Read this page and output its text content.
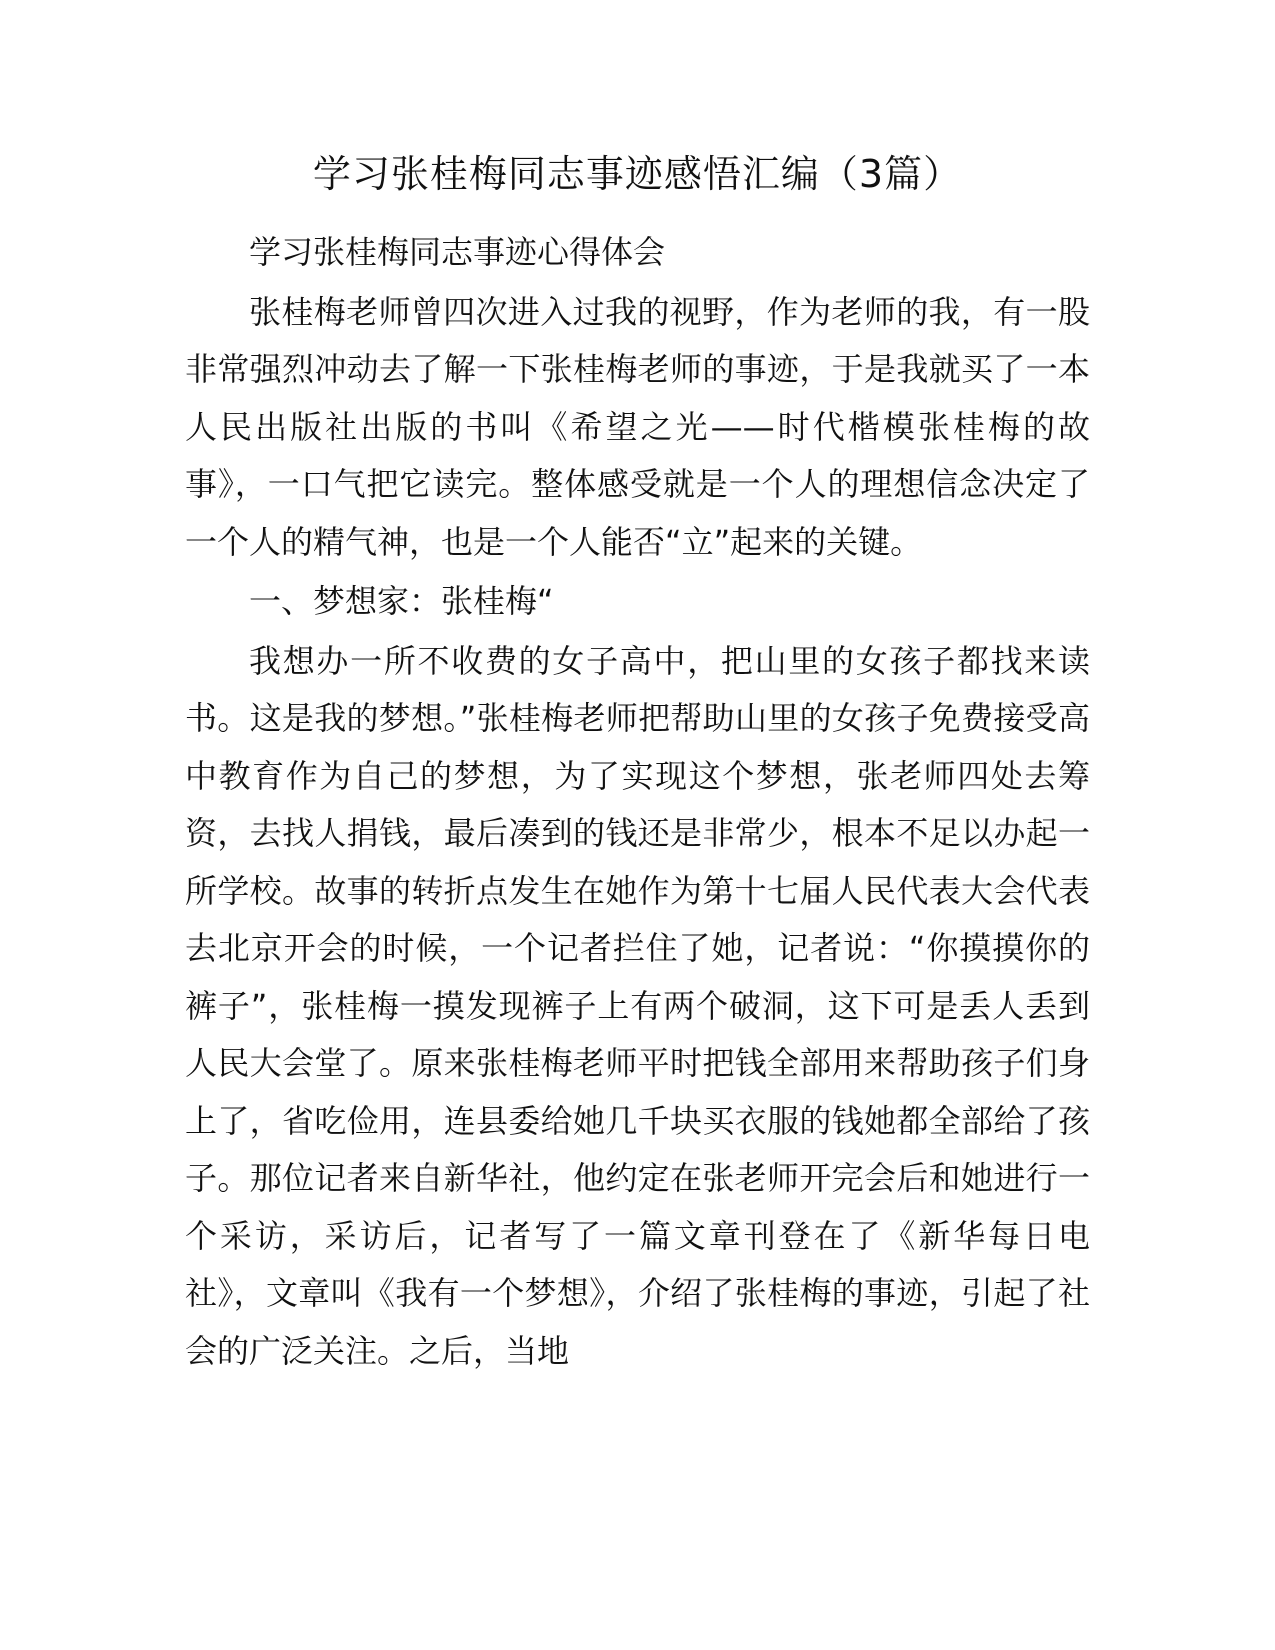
学习张桂梅同志事迹感悟汇编（3篇）

学习张桂梅同志事迹心得体会

张桂梅老师曾四次进入过我的视野，作为老师的我，有一股非常强烈冲动去了解一下张桂梅老师的事迹，于是我就买了一本人民出版社出版的书叫《希望之光——时代楷模张桂梅的故事》，一口气把它读完。整体感受就是一个人的理想信念决定了一个人的精气神，也是一个人能否“立”起来的关键。

一、梦想家：张桂梅“

我想办一所不收费的女子高中，把山里的女孩子都找来读书。这是我的梦想。”张桂梅老师把帮助山里的女孩子免费接受高中教育作为自己的梦想，为了实现这个梦想，张老师四处去筹资，去找人捐钱，最后凑到的钱还是非常少，根本不足以办起一所学校。故事的转折点发生在她作为第十七届人民代表大会代表去北京开会的时候，一个记者拦住了她，记者说：“你摸摸你的裤子”，张桂梅一摸发现裤子上有两个破洞，这下可是丢人丢到人民大会堂了。原来张桂梅老师平时把钱全部用来帮助孩子们身上了，省吃俭用，连县委给她几千块买衣服的钱她都全部给了孩子。那位记者来自新华社，他约定在张老师开完会后和她进行一个采访，采访后，记者写了一篇文章刊登在了《新华每日电社》，文章叫《我有一个梦想》，介绍了张桂梅的事迹，引起了社会的广泛关注。之后，当地
